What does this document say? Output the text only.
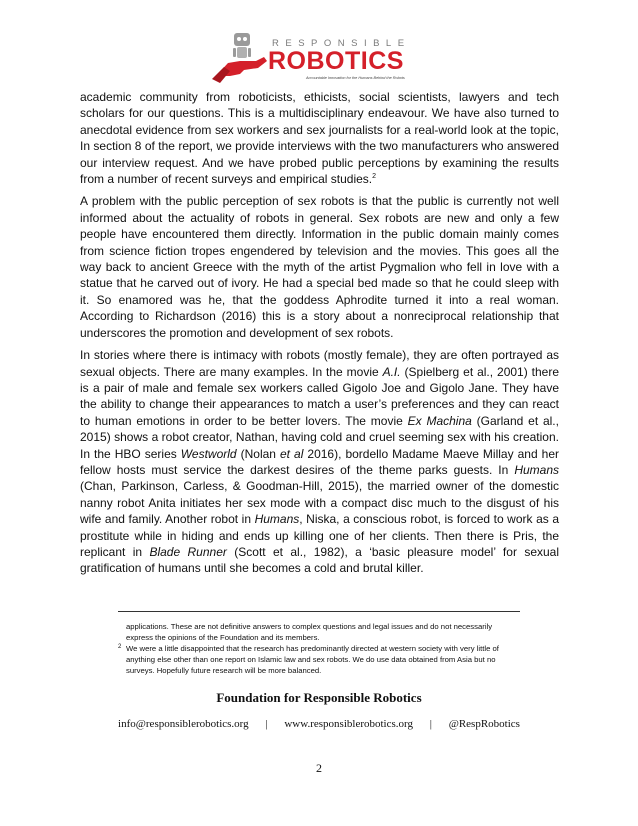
RESPONSIBLE
ROBOTICS
Accountable Innovation for the Humans Behind the Robots

academic community from roboticists, ethicists, social scientists, lawyers and tech scholars for our questions. This is a multidisciplinary endeavour. We have also turned to anecdotal evidence from sex workers and sex journalists for a real-world look at the topic, In section 8 of the report, we provide interviews with the two manufacturers who answered our interview request. And we have probed public perceptions by examining the results from a number of recent surveys and empirical studies.$^2$

A problem with the public perception of sex robots is that the public is currently not well informed about the actuality of robots in general. Sex robots are new and only a few people have encountered them directly. Information in the public domain mainly comes from science fiction tropes engendered by television and the movies. This goes all the way back to ancient Greece with the myth of the artist Pygmalion who fell in love with a statue that he carved out of ivory. He had a special bed made so that he could sleep with it. So enamored was he, that the goddess Aphrodite turned it into a real woman. According to Richardson (2016) this is a story about a nonreciprocal relationship that underscores the promotion and development of sex robots.

In stories where there is intimacy with robots (mostly female), they are often portrayed as sexual objects. There are many examples. In the movie A.I. (Spielberg et al., 2001) there is a pair of male and female sex workers called Gigolo Joe and Gigolo Jane. They have the ability to change their appearances to match a user’s preferences and they can react to human emotions in order to be better lovers. The movie Ex Machina (Garland et al., 2015) shows a robot creator, Nathan, having cold and cruel seeming sex with his creation. In the HBO series Westworld (Nolan et al 2016), bordello Madame Maeve Millay and her fellow hosts must service the darkest desires of the theme parks guests. In Humans (Chan, Parkinson, Carless, & Goodman-Hill, 2015), the married owner of the domestic nanny robot Anita initiates her sex mode with a compact disc much to the disgust of his wife and family. Another robot in Humans, Niska, a conscious robot, is forced to work as a prostitute while in hiding and ends up killing one of her clients. Then there is Pris, the replicant in Blade Runner (Scott et al., 1982), a ‘basic pleasure model’ for sexual gratification of humans until she becomes a cold and brutal killer.

applications. These are not definitive answers to complex questions and legal issues and do not necessarily express the opinions of the Foundation and its members.

2 We were a little disappointed that the research has predominantly directed at western society with very little of anything else other than one report on Islamic law and sex robots. We do use data obtained from Asia but no surveys. Hopefully future research will be more balanced.

Foundation for Responsible Robotics
info@responsiblerobotics.org | www.responsiblerobotics.org | @RespRobotics
2
